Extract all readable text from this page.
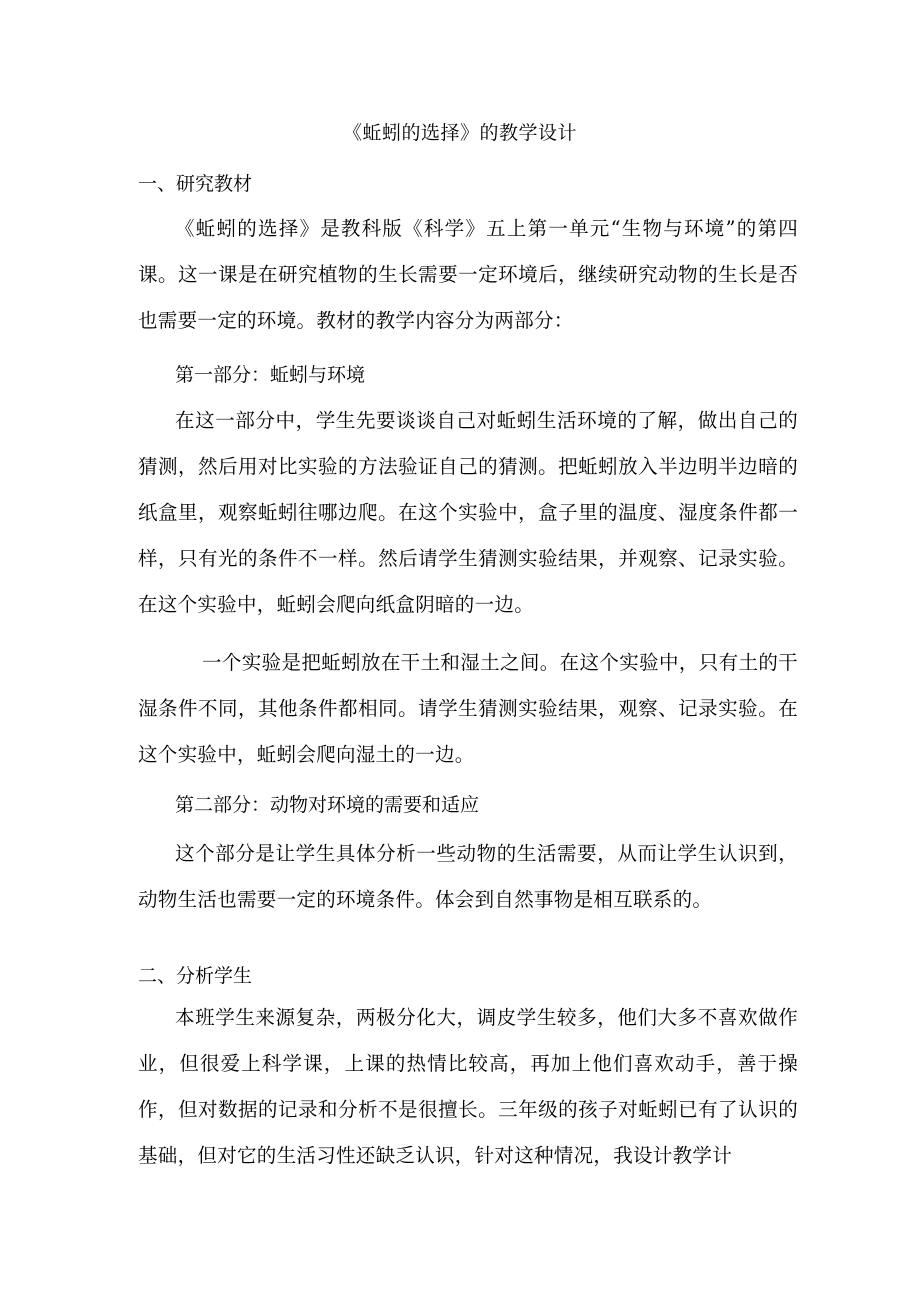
《蚯蚓的选择》的教学设计
一、研究教材

《蚯蚓的选择》是教科版《科学》五上第一单元“生物与环境”的第四课。这一课是在研究植物的生长需要一定环境后，继续研究动物的生长是否也需要一定的环境。教材的教学内容分为两部分：

第一部分：蚯蚓与环境

在这一部分中，学生先要谈谈自己对蚯蚓生活环境的了解，做出自己的猜测，然后用对比实验的方法验证自己的猜测。把蚯蚓放入半边明半边暗的纸盒里，观察蚯蚓往哪边爬。在这个实验中，盒子里的温度、湿度条件都一样，只有光的条件不一样。然后请学生猜测实验结果，并观察、记录实验。在这个实验中，蚯蚓会爬向纸盒阴暗的一边。

一个实验是把蚯蚓放在干土和湿土之间。在这个实验中，只有土的干湿条件不同，其他条件都相同。请学生猜测实验结果，观察、记录实验。在这个实验中，蚯蚓会爬向湿土的一边。

第二部分：动物对环境的需要和适应

这个部分是让学生具体分析一些动物的生活需要，从而让学生认识到，动物生活也需要一定的环境条件。体会到自然事物是相互联系的。

二、分析学生

本班学生来源复杂，两极分化大，调皮学生较多，他们大多不喜欢做作业，但很爱上科学课，上课的热情比较高，再加上他们喜欢动手，善于操作，但对数据的记录和分析不是很擅长。三年级的孩子对蚯蚓已有了认识的基础，但对它的生活习性还缺乏认识，针对这种情况，我设计教学计
